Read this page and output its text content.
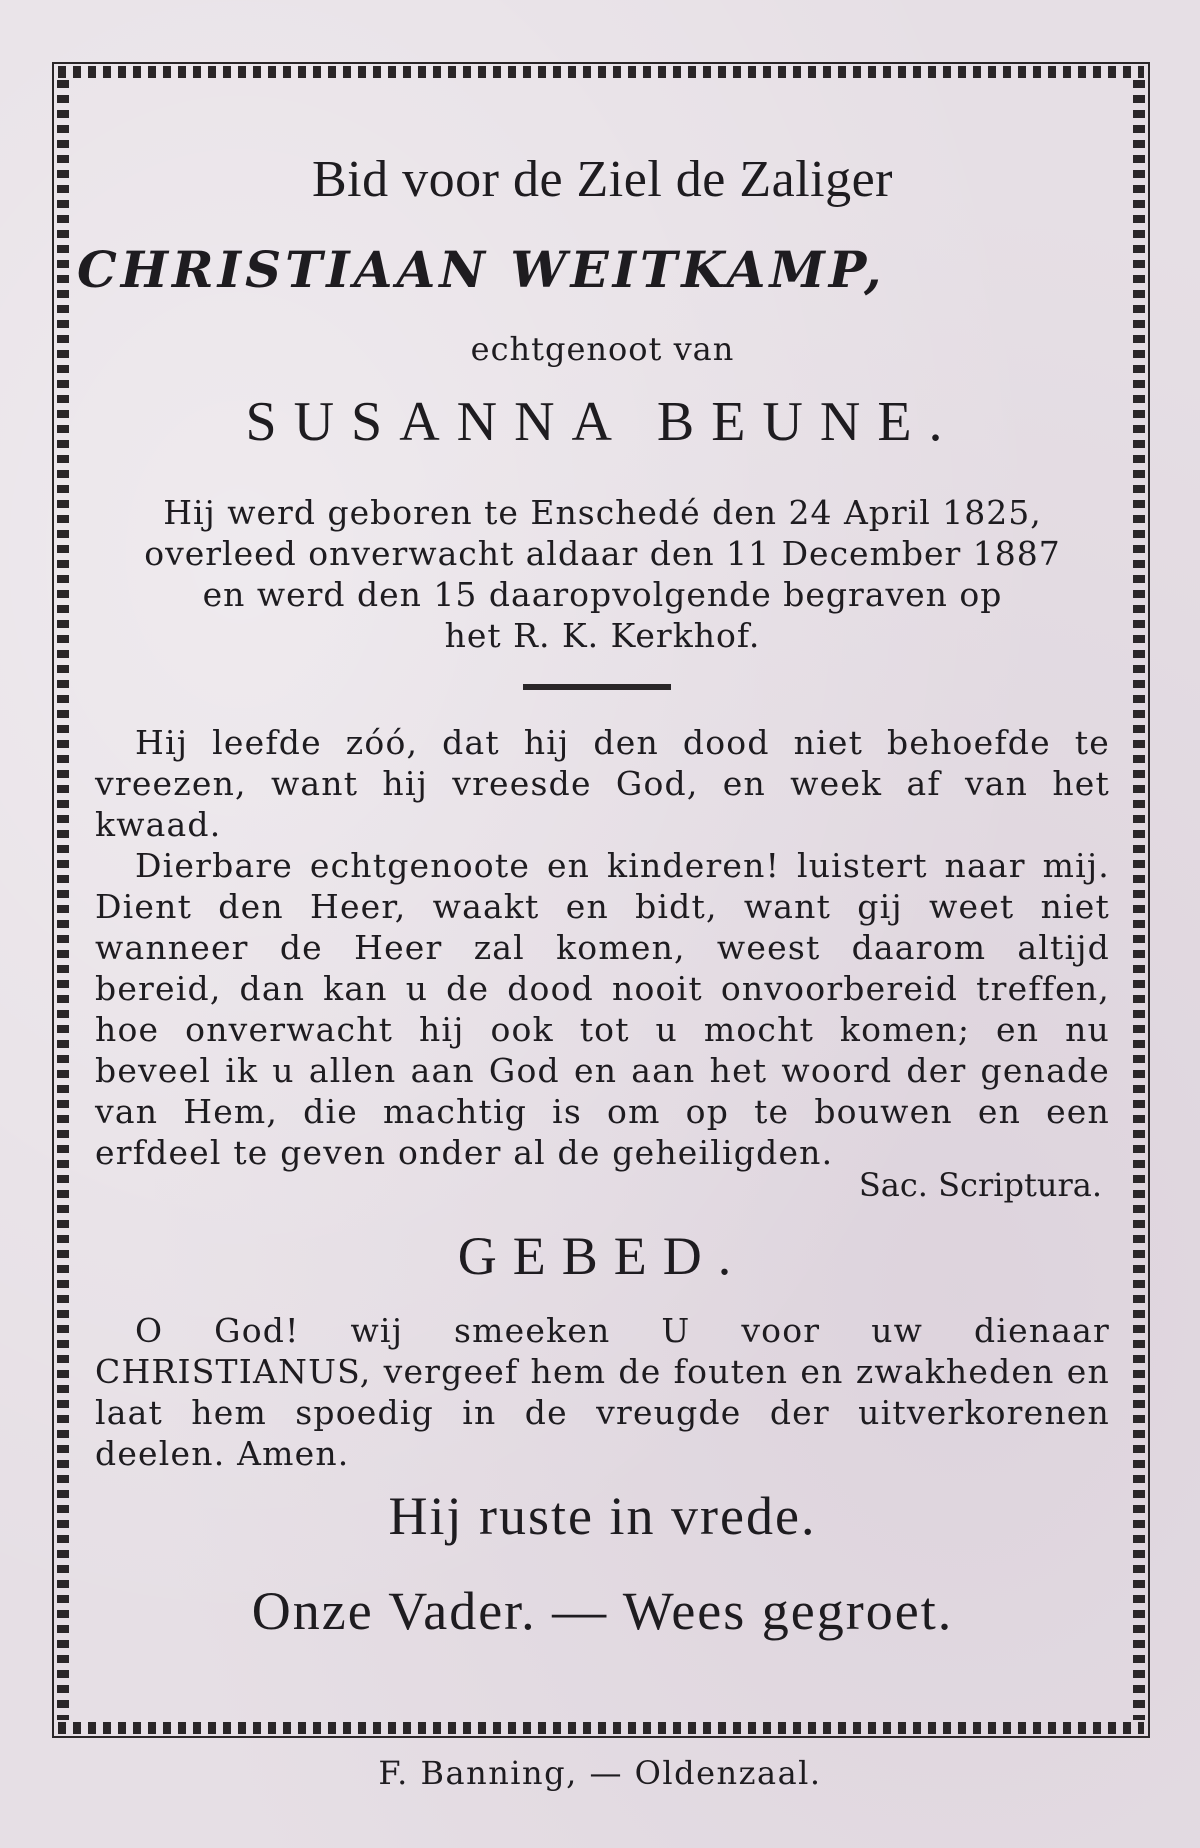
Bid voor de Ziel de Zaliger
CHRISTIAAN WEITKAMP,
echtgenoot van
SUSANNA BEUNE.
Hij werd geboren te Enschedé den 24 April 1825,
overleed onverwacht aldaar den 11 December 1887
en werd den 15 daaropvolgende begraven op
het R. K. Kerkhof.

Hij leefde zóó, dat hij den dood niet behoefde te vreezen, want hij vreesde God, en week af van het kwaad.

Dierbare echtgenoote en kinderen! luistert naar mij. Dient den Heer, waakt en bidt, want gij weet niet wanneer de Heer zal komen, weest daarom altijd bereid, dan kan u de dood nooit onvoorbereid treffen, hoe onverwacht hij ook tot u mocht komen; en nu beveel ik u allen aan God en aan het woord der genade van Hem, die machtig is om op te bouwen en een erfdeel te geven onder al de geheiligden.

Sac. Scriptura.
GEBED.

O God! wij smeeken U voor uw dienaar CHRISTIANUS, vergeef hem de fouten en zwakheden en laat hem spoedig in de vreugde der uitverkorenen deelen. Amen.

Hij ruste in vrede.
Onze Vader. — Wees gegroet.
F. Banning, — Oldenzaal.
